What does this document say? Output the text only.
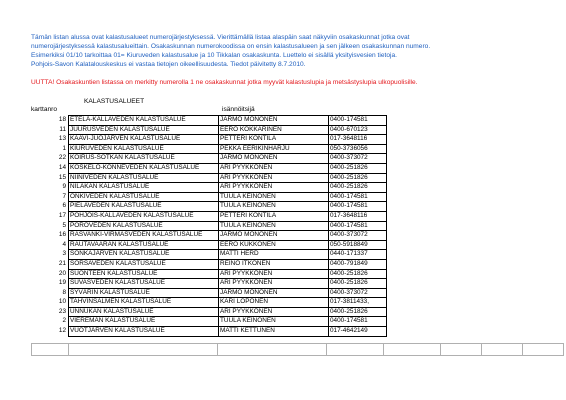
Tämän listan alussa ovat kalastusalueet numerojärjestyksessä. Vierittämällä listaa alaspäin saat näkyviin osakaskunnat jotka ovat
numerojärjestyksessä kalastusalueittain. Osakaskunnan numerokoodissa on ensin kalastusalueen ja sen jälkeen osakaskunnan numero.
Esimerkiksi 01/10 tarkoittaa 01= Kiuruveden kalastusalue ja 10 Tikkalan osakaskunta. Luettelo ei sisällä yksityisvesien tietoja.
Pohjois-Savon Kalatalouskeskus ei vastaa tietojen oikeellisuudesta. Tiedot päivitetty 8.7.2010.
UUTTA! Osakaskuntien listassa on merkitty numerolla 1 ne osakaskunnat jotka myyvät kalastuslupia ja metsästyslupia ulkopuolisille.
KALASTUSALUEET
karttanro	isännöitsijä
18	ETELÄ-KALLAVEDEN KALASTUSALUE	JARMO MONONEN	0400-174581
11	JUURUSVEDEN KALASTUSALUE	EERO KOKKARINEN	0400-670123
13	KAAVI-JUOJÄRVEN KALASTUSALUE	PETTERI KONTILA	017-3648116
1	KIURUVEDEN KALASTUSALUE	PEKKA EERIKINHARJU	050-3736056
22	KOIRUS-SOTKAN KALASTUSALUE	JARMO MONONEN	0400-373072
14	KOSKELO-KONNEVEDEN KALASTUSALUE	ARI PYYKKÖNEN	0400-251826
15	NIINIVEDEN KALASTUSALUE	ARI PYYKKÖNEN	0400-251826
9	NILAKAN KALASTUSALUE	ARI PYYKKÖNEN	0400-251826
7	ONKIVEDEN KALASTUSALUE	TUULA KEINONEN	0400-174581
6	PIELAVEDEN KALASTUSALUE	TUULA KEINONEN	0400-174581
17	POHJOIS-KALLAVEDEN KALASTUSALUE	PETTERI KONTILA	017-3648116
5	POROVEDEN KALASTUSALUE	TUULA KEINONEN	0400-174581
16	RASVANKI-VIRMASVEDEN KALASTUSALUE	JARMO MONONEN	0400-373072
4	RAUTAVAARAN KALASTUSALUE	EERO KUKKONEN	050-5918849
3	SONKAJÄRVEN KALASTUSALUE	MATTI HERD	0440-171337
21	SORSAVEDEN KALASTUSALUE	REINO ITKONEN	0400-791849
20	SUONTEEN KALASTUSALUE	ARI PYYKKÖNEN	0400-251826
19	SUVASVEDEN KALASTUSALUE	ARI PYYKKÖNEN	0400-251826
8	SYVÄRIN KALASTUSALUE	JARMO MONONEN	0400-373072
10	TAHVINSALMEN KALASTUSALUE	KARI LOPONEN	017-3811433,
23	UNNUKAN KALASTUSALUE	ARI PYYKKÖNEN	0400-251826
2	VIEREMÄN KALASTUSALUE	TUULA KEINONEN	0400-174581
12	VUOTJÄRVEN KALASTUSALUE	MATTI KETTUNEN	017-4642149
